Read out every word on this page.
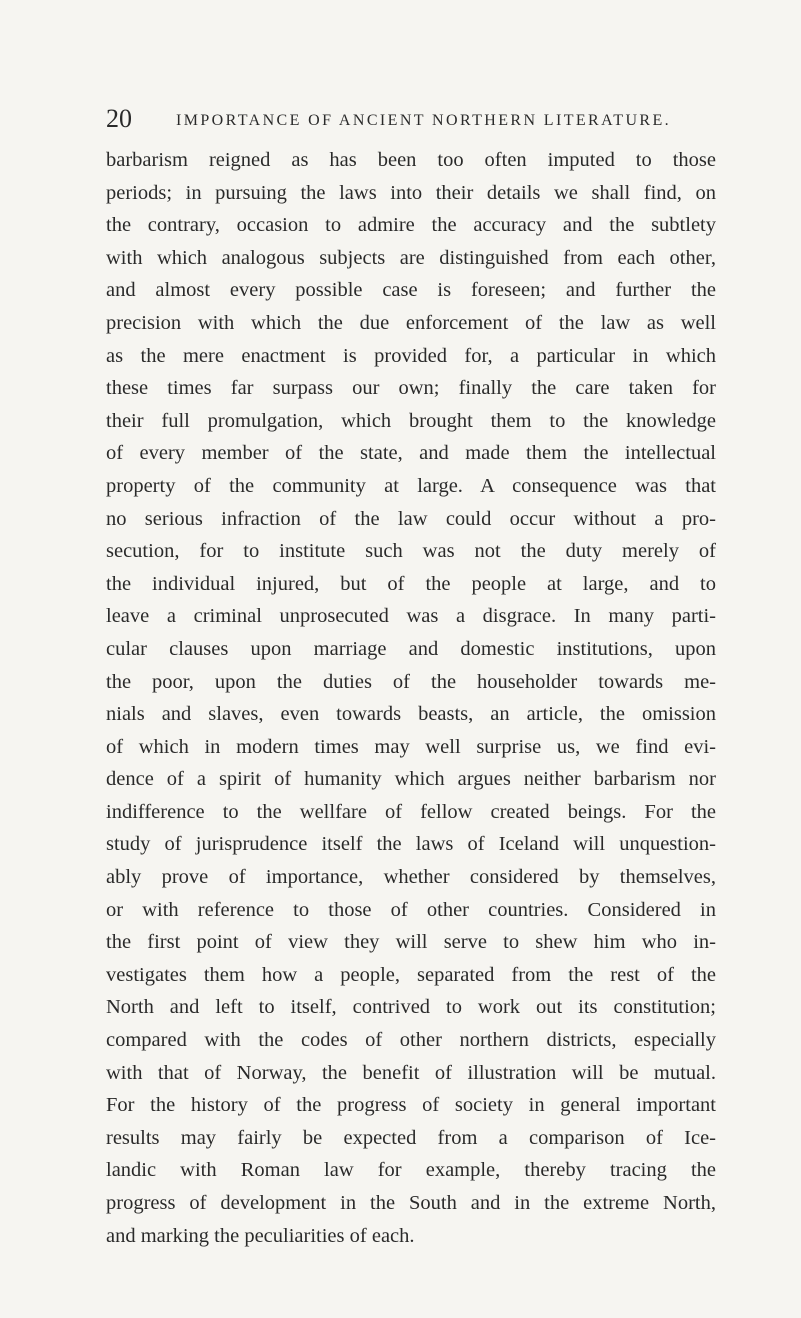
20	IMPORTANCE OF ANCIENT NORTHERN LITERATURE.
barbarism reigned as has been too often imputed to those
periods; in pursuing the laws into their details we shall find, on
the contrary, occasion to admire the accuracy and the subtlety
with which analogous subjects are distinguished from each other,
and almost every possible case is foreseen; and further the
precision with which the due enforcement of the law as well
as the mere enactment is provided for, a particular in which
these times far surpass our own; finally the care taken for
their full promulgation, which brought them to the knowledge
of every member of the state, and made them the intellectual
property of the community at large. A consequence was that
no serious infraction of the law could occur without a pro-
secution, for to institute such was not the duty merely of
the individual injured, but of the people at large, and to
leave a criminal unprosecuted was a disgrace. In many parti-
cular clauses upon marriage and domestic institutions, upon
the poor, upon the duties of the householder towards me-
nials and slaves, even towards beasts, an article, the omission
of which in modern times may well surprise us, we find evi-
dence of a spirit of humanity which argues neither barbarism nor
indifference to the wellfare of fellow created beings. For the
study of jurisprudence itself the laws of Iceland will unquestion-
ably prove of importance, whether considered by themselves,
or with reference to those of other countries. Considered in
the first point of view they will serve to shew him who in-
vestigates them how a people, separated from the rest of the
North and left to itself, contrived to work out its constitution;
compared with the codes of other northern districts, especially
with that of Norway, the benefit of illustration will be mutual.
For the history of the progress of society in general important
results may fairly be expected from a comparison of Ice-
landic with Roman law for example, thereby tracing the
progress of development in the South and in the extreme North,
and marking the peculiarities of each.
